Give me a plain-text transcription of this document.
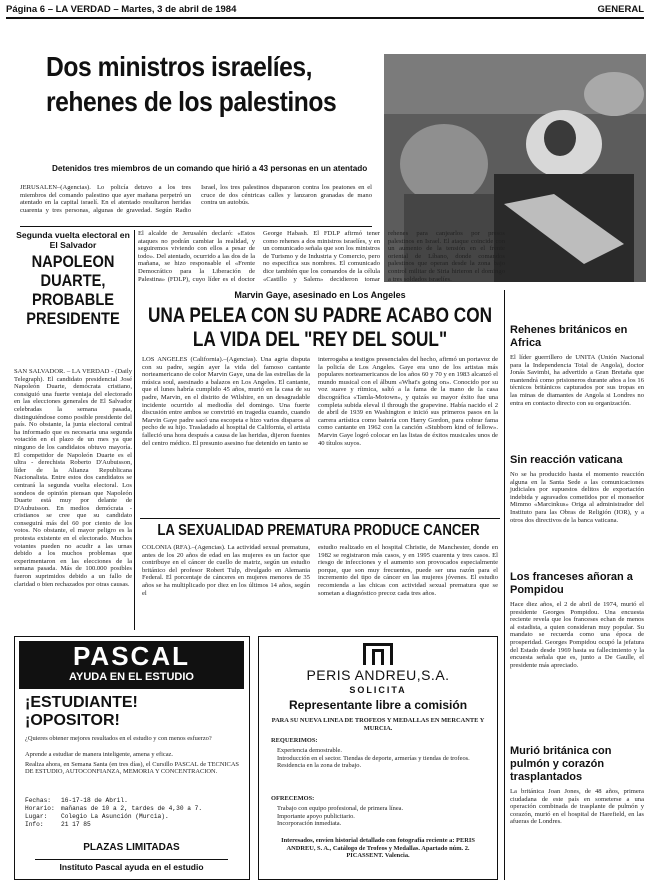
Página 6 – LA VERDAD – Martes, 3 de abril de 1984	GENERAL
Dos ministros israelíes,
rehenes de los palestinos
Detenidos tres miembros de un comando que hirió a 43 personas en un atentado

JERUSALEN–(Agencias). Lo policía detuvo a los tres miembros del comando palestino que ayer mañana perpetró un atentado en la capital israelí. En el atentado resultaron heridas cuarenta y tres personas, algunas de gravedad. Según Radio Israel, los tres palestinos dispararon contra los peatones en el cruce de dos céntricas calles y lanzaron granadas de mano contra un autobús.

El alcalde de Jerusalén declaró: «Estos ataques no podrán cambiar la realidad, y seguiremos viviendo con ellos a pesar de todo». Del atentado, ocurrido a las dos de la mañana, se hizo responsable el «Frente Democrático para la Liberación de Palestina» (FDLP), cuyo líder es el doctor George Habash. El FDLP afirmó tener como rehenes a dos ministros israelíes, y en un comunicado señala que son los ministros de Turismo y de Industria y Comercio, pero no especifica sus nombres. El comunicado dice también que los comandos de la célula «Castillo y Salem» decidieron tomar rehenes para canjearlos por presos palestinos en Israel. El ataque coincide con un aumento de la tensión en el frente oriental de Líbano, donde comandos palestinos que operan desde la zona bajo control militar de Siria hirieron el domingo a tres soldados israelíes.

Segunda vuelta electoral en El Salvador
NAPOLEON DUARTE, PROBABLE PRESIDENTE

SAN SALVADOR. – LA VERDAD - (Daily Telegraph). El candidato presidencial José Napoleón Duarte, demócrata cristiano, consiguió una fuerte ventaja del electorado en las elecciones generales de El Salvador celebradas la semana pasada, distinguiéndose como posible presidente del país. No obstante, la junta electoral central ha informado que es necesaria una segunda votación en el plazo de un mes ya que ninguno de los candidatos obtuvo mayoría. El competidor de Napoleón Duarte es el ultra - derechista Roberto D'Aubuisson, líder de la Alianza Republicana Nacionalista. Entre estos dos candidatos se centrará la segunda vuelta electoral. Los sondeos de opinión piensan que Napoleón Duarte está muy por delante de D'Aubuisson. En medios demócrata - cristianos se cree que su candidato conseguirá más del 60 por ciento de los votos. No obstante, el mayor peligro es la protesta existente en el electorado. Muchos votantes pueden no acudir a las urnas debido a los muchos problemas que experimentaron en las elecciones de la semana pasada. Más de 100.000 posibles fueron suprimidos debido a un fallo de claridad o bien rechazados por otras causas.

Marvin Gaye, asesinado en Los Angeles
UNA PELEA CON SU PADRE ACABO CON LA VIDA DEL "REY DEL SOUL"

LOS ANGELES (California).–(Agencias). Una agria disputa con su padre, según ayer la vida del famoso cantante norteamericano de color Marvin Gaye, una de las estrellas de la música soul, asesinado a balazos en Los Angeles. El cantante, que el lunes habría cumplido 45 años, murió en la casa de su padre, Marvin, en el distrito de Wilshire, en un desagradable incidente ocurrido al mediodía del domingo. Una fuerte discusión entre ambos se convirtió en tragedia cuando, cuando Marvin Gaye padre sacó una escopeta e hizo varios disparos al pecho de su hijo. Trasladado al hospital de California, el artista falleció una hora después a causa de las heridas, dijeron fuentes del centro médico. El presunto asesino fue detenido en tanto se

interrogaba a testigos presenciales del hecho, afirmó un portavoz de la policía de Los Angeles. Gaye era uno de los artistas más populares norteamericanos de los años 60 y 70 y en 1983 alcanzó el mundo musical con el álbum «What's going on». Conocido por su voz suave y rítmica, saltó a la fama de la mano de la casa discográfica «Tamla-Motown», y quizás su mayor éxito fue una completa subida eleval il through the grapevine. Había nacido el 2 de abril de 1939 en Washington e inició sus primeros pasos en la carrera artística como batería con Harry Gordon, para cobrar fama como cantante en 1962 con la canción «Stubborn kind of fellow». Marvin Gaye logró colocar en las listas de éxitos musicales unos de 40 títulos suyos.

LA SEXUALIDAD PREMATURA PRODUCE CANCER

COLONIA (RFA).–(Agencias). La actividad sexual prematura, antes de los 20 años de edad en las mujeres es un factor que contribuye en el cáncer de cuello de matriz, según un estudio británico del profesor Robert Tulp, divulgado en Alemania Federal. El porcentaje de cánceres en mujeres menores de 35 años se ha multiplicado por diez en los últimos 14 años, según el

estudio realizado en el hospital Christie, de Manchester, donde en 1982 se registraron más casos, y en 1995 cuarenta y tres casos. El riesgo de infecciones y el aumento son provocados especialmente porque, que son muy frecuentes, puede ser una razón para el incremento del tipo de cáncer en las mujeres jóvenes. El estudio recomienda a las chicas con actividad sexual prematura que se sometan a diagnóstico precoz cada tres años.

Rehenes británicos en Africa
El líder guerrillero de UNITA (Unión Nacional para la Independencia Total de Angola), doctor Jonás Savimbi, ha advertido a Gran Bretaña que mantendrá como prisioneros durante años a los 16 técnicos británicos capturados por sus tropas en las minas de diamantes de Angola si Londres no entra en contacto directo con su organización.
Sin reacción vaticana
No se ha producido hasta el momento reacción alguna en la Santa Sede a las comunicaciones judiciales por supuestos delitos de exportación indebida y agravados cometidos por el monseñor Mimmo «Marcinkus» Origa al administrador del Instituto para las Obras de Religión (IOR), y a otros dos directivos de la banca vaticana.
Los franceses añoran a Pompidou
Hace diez años, el 2 de abril de 1974, murió el presidente Georges Pompidou. Una encuesta reciente revela que los franceses echan de menos al estadista, a quien consideran muy popular. Su mandato se recuerda como una época de prosperidad. Georges Pompidou ocupó la jefatura del Estado desde 1969 hasta su fallecimiento y la encuesta señala que es, junto a De Gaulle, el presidente más apreciado.
Murió británica con pulmón y corazón trasplantados
La británica Joan Jones, de 48 años, primera ciudadana de este país en someterse a una operación combinada de trasplante de pulmón y corazón, murió en el hospital de Harefield, en las afueras de Londres.
PASCAL
AYUDA EN EL ESTUDIO
¡ESTUDIANTE!
¡OPOSITOR!
¿Quieres obtener mejores resultados en el estudio y con menos esfuerzo?
Aprende a estudiar de manera inteligente, amena y eficaz.
Realiza ahora, en Semana Santa (en tres días), el Cursillo PASCAL de TECNICAS DE ESTUDIO, AUTOCONFIANZA, MEMORIA Y CONCENTRACION.
Fechas: 16-17-18 de Abril.
Horario: mañanas de 10 a 2, tardes de 4,30 a 7.
Lugar: Colegio La Asunción (Murcia).
Info:	21 17 85
PLAZAS LIMITADAS
Instituto Pascal ayuda en el estudio
PERIS ANDREU,S.A.
SOLICITA
Representante libre a comisión
PARA SU NUEVA LINEA DE TROFEOS Y MEDALLAS EN MERCANTE Y MURCIA.
REQUERIMOS:
Experiencia demostrable.
Introducción en el sector. Tiendas de deporte, armerías y tiendas de trofeos.
Residencia en la zona de trabajo.
OFRECEMOS:
Trabajo con equipo profesional, de primera línea.
Importante apoyo publicitario.
Incorporación inmediata.
Interesados, envíen historial detallado con fotografía reciente a: PERIS ANDREU, S. A., Catálogo de Trofeos y Medallas. Apartado núm. 2. PICASSENT. Valencia.
